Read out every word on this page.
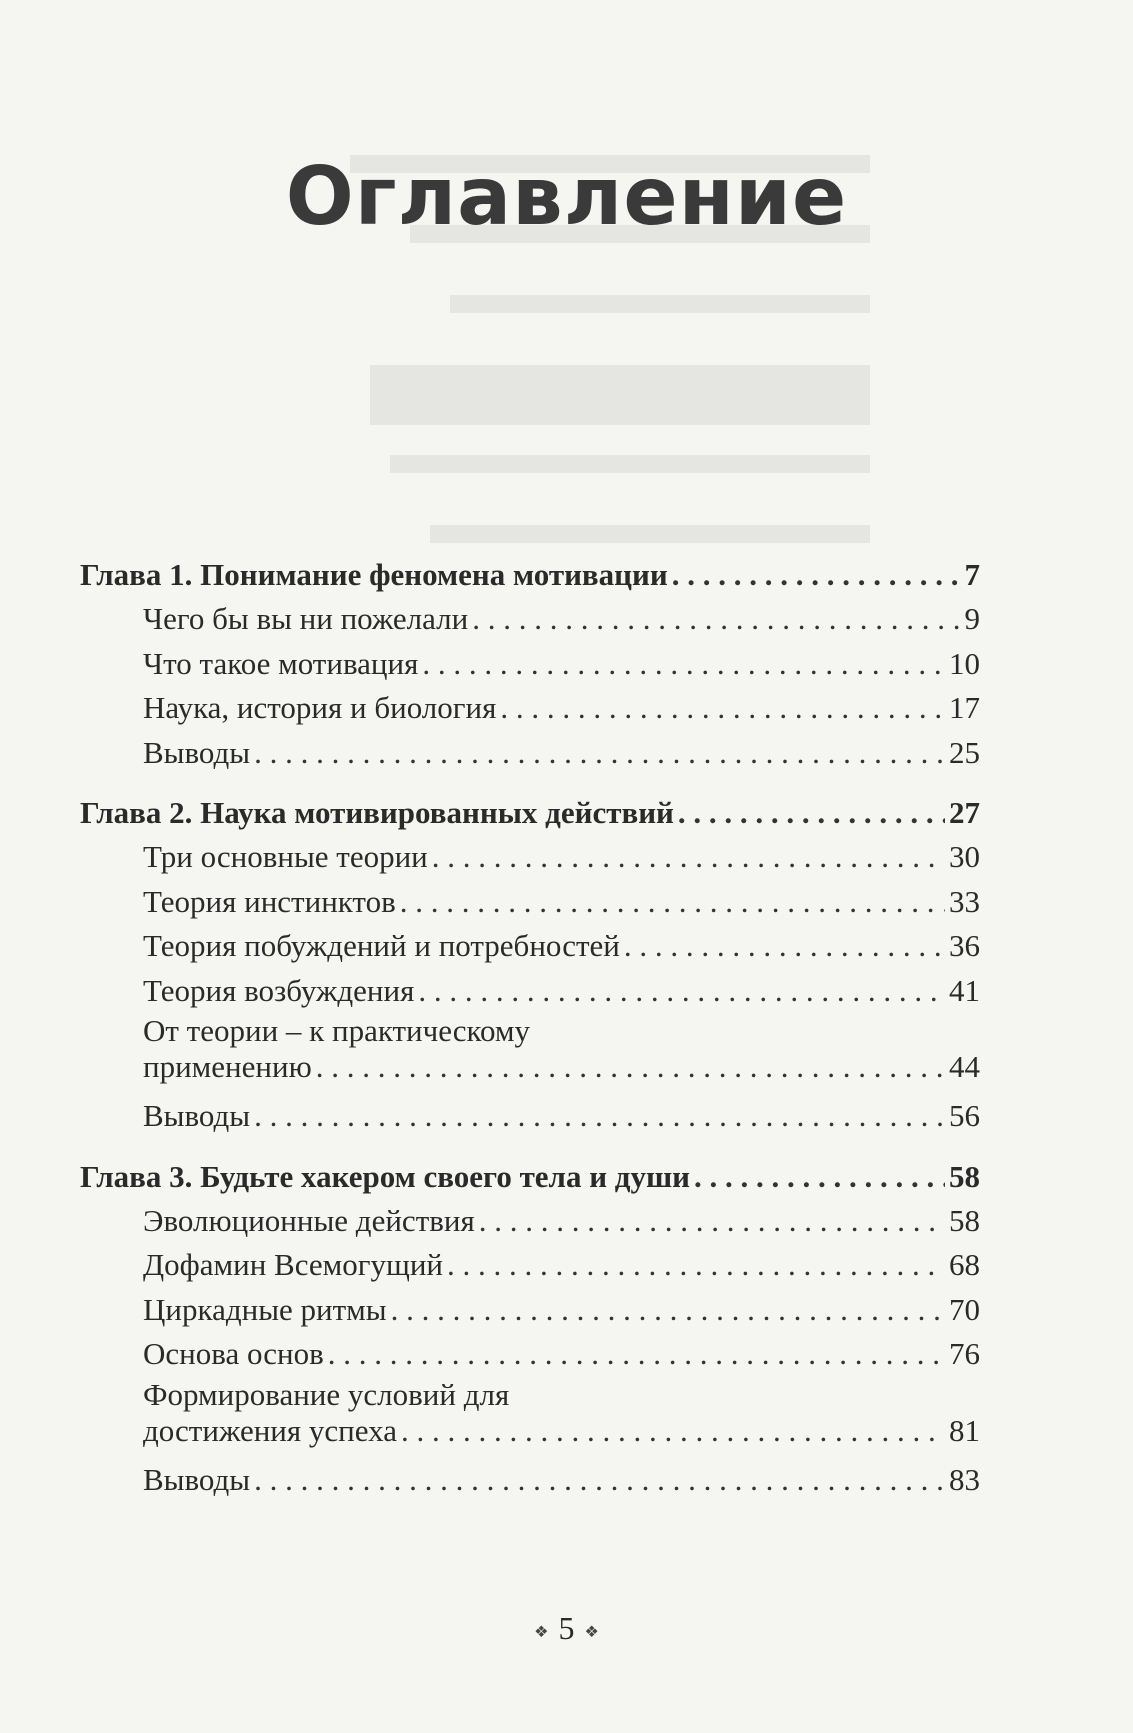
Оглавление
Глава 1. Понимание феномена мотивации . . .	7
Чего бы вы ни пожелали . . .	9
Что такое мотивация . . .	10
Наука, история и биология . . .	17
Выводы . . .	25
Глава 2. Наука мотивированных действий . . .	27
Три основные теории . . .	30
Теория инстинктов . . .	33
Теория побуждений и потребностей . . .	36
Теория возбуждения . . .	41
От теории – к практическому
применению . . .	44
Выводы . . .	56
Глава 3. Будьте хакером своего тела и души . . .	58
Эволюционные действия . . .	58
Дофамин Всемогущий . . .	68
Циркадные ритмы . . .	70
Основа основ . . .	76
Формирование условий для
достижения успеха . . .	81
Выводы . . .	83
❖ 5 ❖
